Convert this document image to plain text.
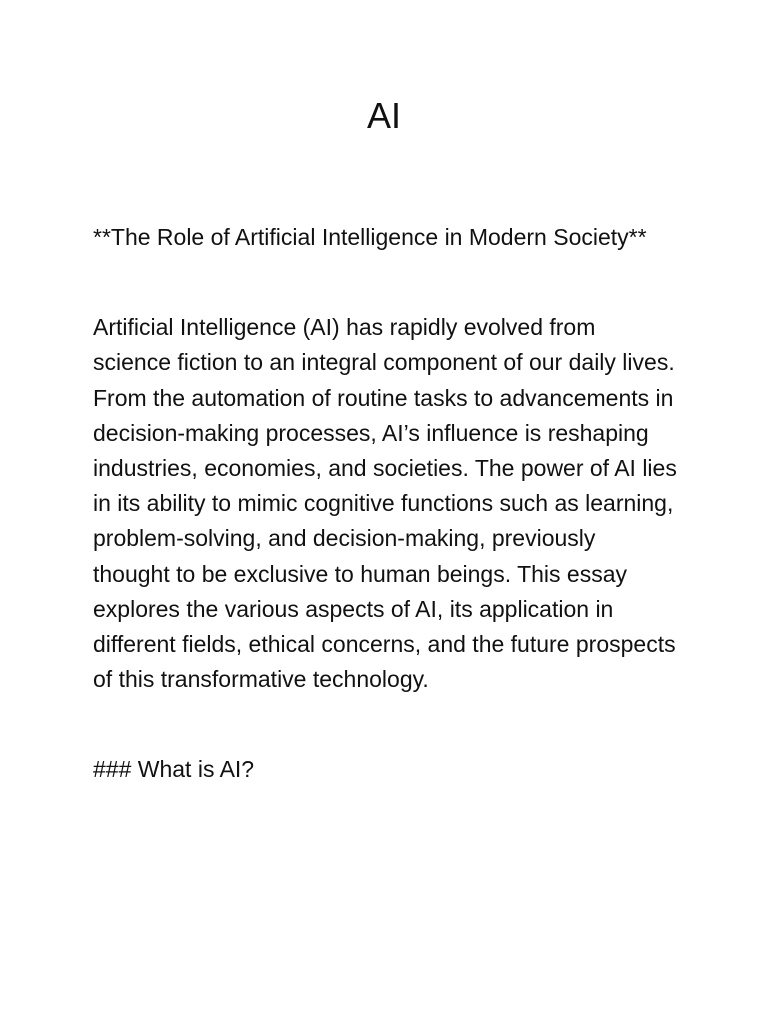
AI

**The Role of Artificial Intelligence in Modern Society**

Artificial Intelligence (AI) has rapidly evolved from science fiction to an integral component of our daily lives. From the automation of routine tasks to advancements in decision-making processes, AI’s influence is reshaping industries, economies, and societies. The power of AI lies in its ability to mimic cognitive functions such as learning, problem-solving, and decision-making, previously thought to be exclusive to human beings. This essay explores the various aspects of AI, its application in different fields, ethical concerns, and the future prospects of this transformative technology.

### What is AI?
